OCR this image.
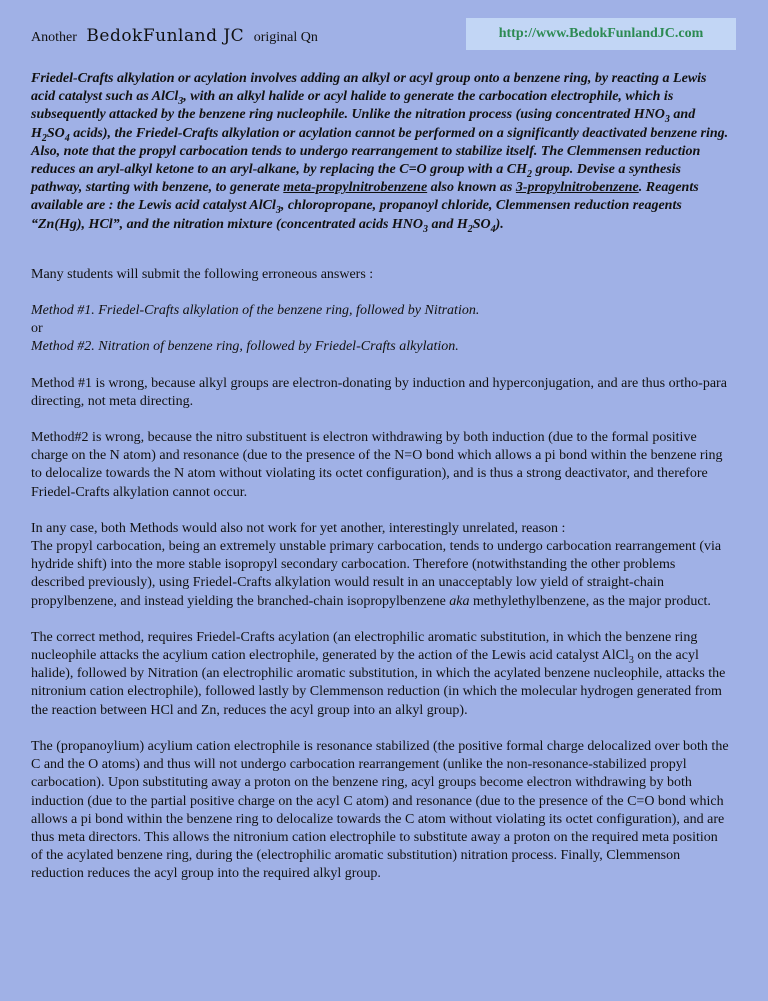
Another BedokFunland JC original Qn	http://www.BedokFunlandJC.com

Friedel-Crafts alkylation or acylation involves adding an alkyl or acyl group onto a benzene ring, by reacting a Lewis acid catalyst such as AlCl$_3$, with an alkyl halide or acyl halide to generate the carbocation electrophile, which is subsequently attacked by the benzene ring nucleophile. Unlike the nitration process (using concentrated $HNO_3$ and $H_2SO_4$ acids), the Friedel-Crafts alkylation or acylation cannot be performed on a significantly deactivated benzene ring. Also, note that the propyl carbocation tends to undergo rearrangement to stabilize itself. The Clemmensen reduction reduces an aryl-alkyl ketone to an aryl-alkane, by replacing the C=O group with a $CH_2$ group. Devise a synthesis pathway, starting with benzene, to generate meta-propylnitrobenzene also known as 3-propylnitrobenzene. Reagents available are : the Lewis acid catalyst AlCl$_3$, chloropropane, propanoyl chloride, Clemmensen reduction reagents “Zn(Hg), HCl”, and the nitration mixture (concentrated acids $HNO_3$ and $H_2SO_4$).

Many students will submit the following erroneous answers :

Method #1. Friedel-Crafts alkylation of the benzene ring, followed by Nitration.

or

Method #2. Nitration of benzene ring, followed by Friedel-Crafts alkylation.

Method #1 is wrong, because alkyl groups are electron-donating by induction and hyperconjugation, and are thus ortho-para directing, not meta directing.

Method#2 is wrong, because the nitro substituent is electron withdrawing by both induction (due to the formal positive charge on the N atom) and resonance (due to the presence of the N=O bond which allows a pi bond within the benzene ring to delocalize towards the N atom without violating its octet configuration), and is thus a strong deactivator, and therefore Friedel-Crafts alkylation cannot occur.

In any case, both Methods would also not work for yet another, interestingly unrelated, reason :

The propyl carbocation, being an extremely unstable primary carbocation, tends to undergo carbocation rearrangement (via hydride shift) into the more stable isopropyl secondary carbocation. Therefore (notwithstanding the other problems described previously), using Friedel-Crafts alkylation would result in an unacceptably low yield of straight-chain propylbenzene, and instead yielding the branched-chain isopropylbenzene aka methylethylbenzene, as the major product.

The correct method, requires Friedel-Crafts acylation (an electrophilic aromatic substitution, in which the benzene ring nucleophile attacks the acylium cation electrophile, generated by the action of the Lewis acid catalyst AlCl$_3$ on the acyl halide), followed by Nitration (an electrophilic aromatic substitution, in which the acylated benzene nucleophile, attacks the nitronium cation electrophile), followed lastly by Clemmenson reduction (in which the molecular hydrogen generated from the reaction between HCl and Zn, reduces the acyl group into an alkyl group).

The (propanoylium) acylium cation electrophile is resonance stabilized (the positive formal charge delocalized over both the C and the O atoms) and thus will not undergo carbocation rearrangement (unlike the non-resonance-stabilized propyl carbocation). Upon substituting away a proton on the benzene ring, acyl groups become electron withdrawing by both induction (due to the partial positive charge on the acyl C atom) and resonance (due to the presence of the C=O bond which allows a pi bond within the benzene ring to delocalize towards the C atom without violating its octet configuration), and are thus meta directors. This allows the nitronium cation electrophile to substitute away a proton on the required meta position of the acylated benzene ring, during the (electrophilic aromatic substitution) nitration process. Finally, Clemmenson reduction reduces the acyl group into the required alkyl group.
